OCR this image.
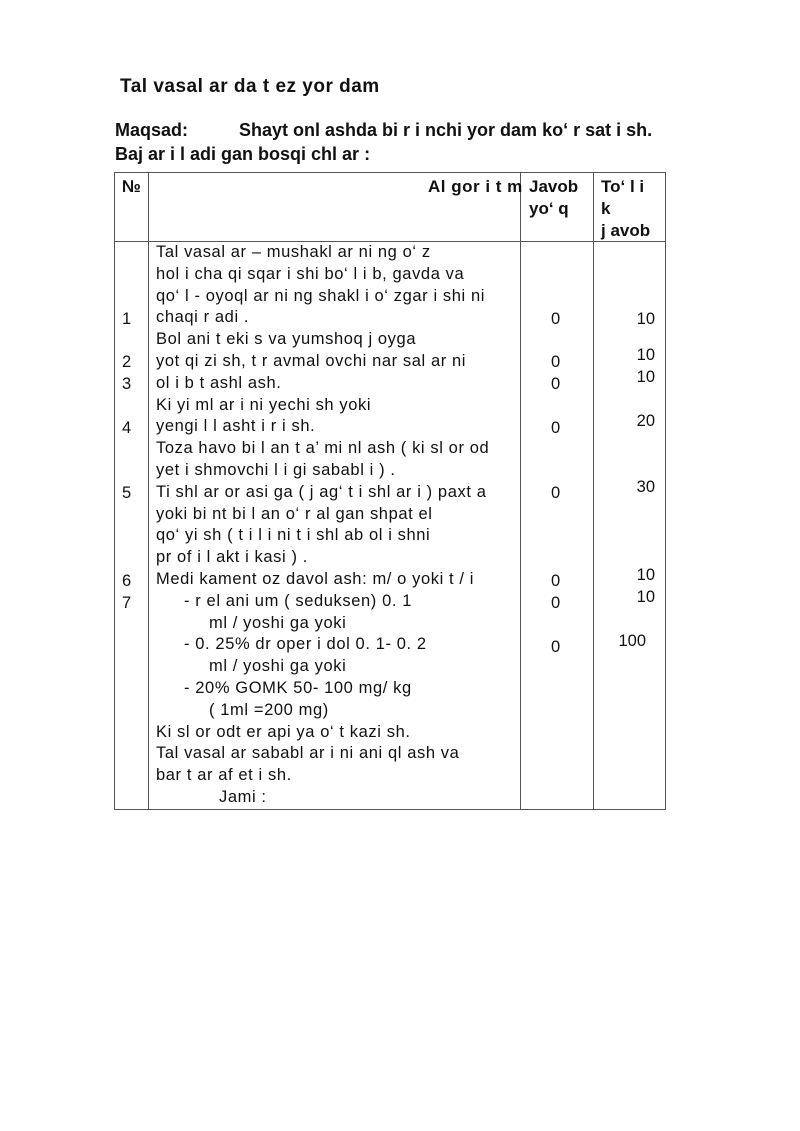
Tal vasal ar da t ez yor dam
Maqsad:	Shayt onl ashda bi r i nchi yor dam ko‘ r sat i sh.
Baj ar i l adi gan bosqi chl ar :
№	Al gor i t m Javob
yo‘ q
To‘ l i
k
j avob
1
2
3
4
5
6
7
Tal vasal ar – mushakl ar ni ng o‘ z
hol i cha qi sqar i shi bo‘ l i b, gavda va
qo‘ l - oyoql ar ni ng shakl i o‘ zgar i shi ni
chaqi r adi .
Bol ani t eki s va yumshoq j oyga
yot qi zi sh, t r avmal ovchi nar sal ar ni
ol i b t ashl ash.
Ki yi ml ar i ni yechi sh yoki
yengi l l asht i r i sh.
Toza havo bi l an t a’ mi nl ash ( ki sl or od
yet i shmovchi l i gi sababl i ) .
Ti shl ar or asi ga ( j ag‘ t i shl ar i ) paxt a
yoki bi nt bi l an o‘ r al gan shpat el
qo‘ yi sh ( t i l i ni t i shl ab ol i shni
pr of i l akt i kasi ) .
Medi kament oz davol ash: m/ o yoki t / i
- r el ani um ( seduksen) 0. 1
ml / yoshi ga yoki
- 0. 25% dr oper i dol 0. 1- 0. 2
ml / yoshi ga yoki
- 20% GOMK 50- 100 mg/ kg
( 1ml =200 mg)
Ki sl or odt er api ya o‘ t kazi sh.
Tal vasal ar sababl ar i ni ani ql ash va
bar t ar af et i sh.
Jami :
0
0
0
0
0
0
0
0
10
10
10
20
30
10
10
100
